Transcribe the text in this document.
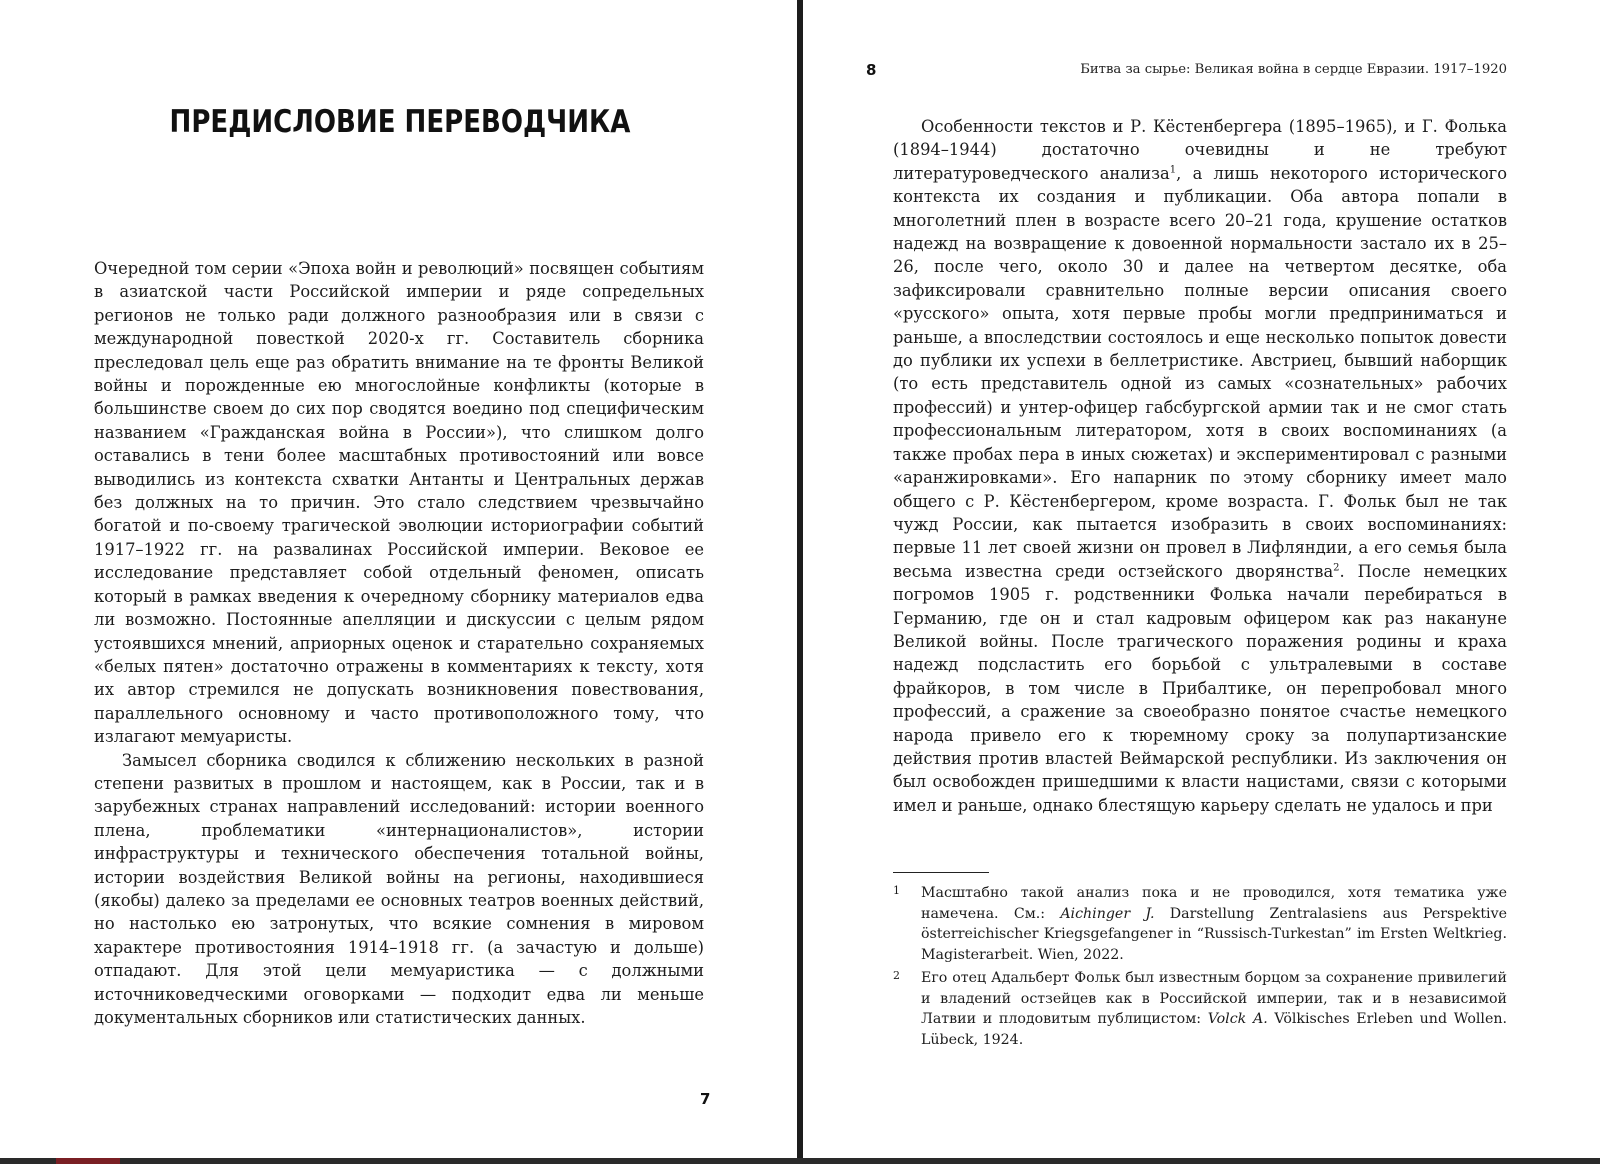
ПРЕДИСЛОВИЕ ПЕРЕВОДЧИКА

Очередной том серии «Эпоха войн и революций» посвящен событиям в азиатской части Российской империи и ряде сопредельных регионов не только ради должного разнообразия или в связи с международной повесткой 2020-х гг. Составитель сборника преследовал цель еще раз обратить внимание на те фронты Великой войны и порожденные ею многослойные конфликты (которые в большинстве своем до сих пор сводятся воедино под специфическим названием «Гражданская война в России»), что слишком долго оставались в тени более масштабных противостояний или вовсе выводились из контекста схватки Антанты и Центральных держав без должных на то причин. Это стало следствием чрезвычайно богатой и по-своему трагической эволюции историографии событий 1917–1922 гг. на развалинах Российской империи. Вековое ее исследование представляет собой отдельный феномен, описать который в рамках введения к очередному сборнику материалов едва ли возможно. Постоянные апелляции и дискуссии с целым рядом устоявшихся мнений, априорных оценок и старательно сохраняемых «белых пятен» достаточно отражены в комментариях к тексту, хотя их автор стремился не допускать возникновения повествования, параллельного основному и часто противоположного тому, что излагают мемуаристы.

Замысел сборника сводился к сближению нескольких в разной степени развитых в прошлом и настоящем, как в России, так и в зарубежных странах направлений исследований: истории военного плена, проблематики «интернационалистов», истории инфраструктуры и технического обеспечения тотальной войны, истории воздействия Великой войны на регионы, находившиеся (якобы) далеко за пределами ее основных театров военных действий, но настолько ею затронутых, что всякие сомнения в мировом характере противостояния 1914–1918 гг. (а зачастую и дольше) отпадают. Для этой цели мемуаристика — с должными источниковедческими оговорками — подходит едва ли меньше документальных сборников или статистических данных.

7
8	Битва за сырье: Великая война в сердце Евразии. 1917–1920

Особенности текстов и Р. Кёстенбергера (1895–1965), и Г. Фолька (1894–1944) достаточно очевидны и не требуют литературоведческого анализа$^1$, а лишь некоторого исторического контекста их создания и публикации. Оба автора попали в многолетний плен в возрасте всего 20–21 года, крушение остатков надежд на возвращение к довоенной нормальности застало их в 25–26, после чего, около 30 и далее на четвертом десятке, оба зафиксировали сравнительно полные версии описания своего «русского» опыта, хотя первые пробы могли предприниматься и раньше, а впоследствии состоялось и еще несколько попыток довести до публики их успехи в беллетристике. Австриец, бывший наборщик (то есть представитель одной из самых «сознательных» рабочих профессий) и унтер-офицер габсбургской армии так и не смог стать профессиональным литератором, хотя в своих воспоминаниях (а также пробах пера в иных сюжетах) и экспериментировал с разными «аранжировками». Его напарник по этому сборнику имеет мало общего с Р. Кёстенбергером, кроме возраста. Г. Фольк был не так чужд России, как пытается изобразить в своих воспоминаниях: первые 11 лет своей жизни он провел в Лифляндии, а его семья была весьма известна среди остзейского дворянства$^2$. После немецких погромов 1905 г. родственники Фолька начали перебираться в Германию, где он и стал кадровым офицером как раз накануне Великой войны. После трагического поражения родины и краха надежд подсластить его борьбой с ультралевыми в составе фрайкоров, в том числе в Прибалтике, он перепробовал много профессий, а сражение за своеобразно понятое счастье немецкого народа привело его к тюремному сроку за полупартизанские действия против властей Веймарской республики. Из заключения он был освобожден пришедшими к власти нацистами, связи с которыми имел и раньше, однако блестящую карьеру сделать не удалось и при

1 Масштабно такой анализ пока и не проводился, хотя тематика уже намечена. См.: Aichinger J. Darstellung Zentralasiens aus Perspektive österreichischer Kriegsgefangener in “Russisch-Turkestan” im Ersten Weltkrieg. Magisterarbeit. Wien, 2022.
2 Его отец Адальберт Фольк был известным борцом за сохранение привилегий и владений остзейцев как в Российской империи, так и в независимой Латвии и плодовитым публицистом: Volck A. Völkisches Erleben und Wollen. Lübeck, 1924.
